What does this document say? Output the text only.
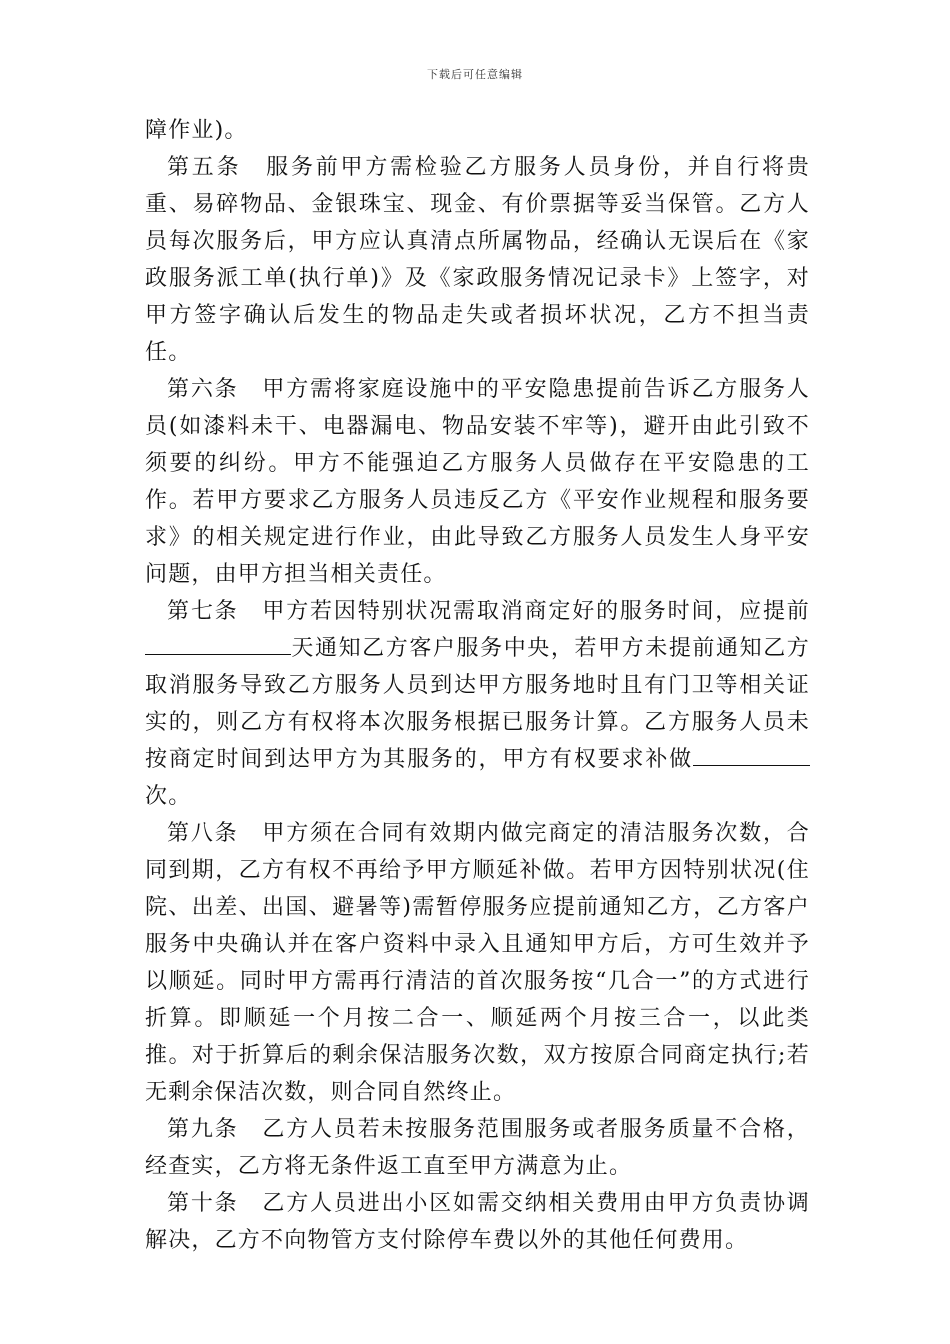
下载后可任意编辑

障作业)。

第五条　服务前甲方需检验乙方服务人员身份，并自行将贵重、易碎物品、金银珠宝、现金、有价票据等妥当保管。乙方人员每次服务后，甲方应认真清点所属物品，经确认无误后在《家政服务派工单(执行单)》及《家政服务情况记录卡》上签字，对甲方签字确认后发生的物品走失或者损坏状况，乙方不担当责任。

第六条　甲方需将家庭设施中的平安隐患提前告诉乙方服务人员(如漆料未干、电器漏电、物品安装不牢等)，避开由此引致不须要的纠纷。甲方不能强迫乙方服务人员做存在平安隐患的工作。若甲方要求乙方服务人员违反乙方《平安作业规程和服务要求》的相关规定进行作业，由此导致乙方服务人员发生人身平安问题，由甲方担当相关责任。

第七条　甲方若因特别状况需取消商定好的服务时间，应提前天通知乙方客户服务中央，若甲方未提前通知乙方取消服务导致乙方服务人员到达甲方服务地时且有门卫等相关证实的，则乙方有权将本次服务根据已服务计算。乙方服务人员未按商定时间到达甲方为其服务的，甲方有权要求补做次。

第八条　甲方须在合同有效期内做完商定的清洁服务次数，合同到期，乙方有权不再给予甲方顺延补做。若甲方因特别状况(住院、出差、出国、避暑等)需暂停服务应提前通知乙方，乙方客户服务中央确认并在客户资料中录入且通知甲方后，方可生效并予以顺延。同时甲方需再行清洁的首次服务按“几合一”的方式进行折算。即顺延一个月按二合一、顺延两个月按三合一，以此类推。对于折算后的剩余保洁服务次数，双方按原合同商定执行;若无剩余保洁次数，则合同自然终止。

第九条　乙方人员若未按服务范围服务或者服务质量不合格，经查实，乙方将无条件返工直至甲方满意为止。

第十条　乙方人员进出小区如需交纳相关费用由甲方负责协调解决，乙方不向物管方支付除停车费以外的其他任何费用。
